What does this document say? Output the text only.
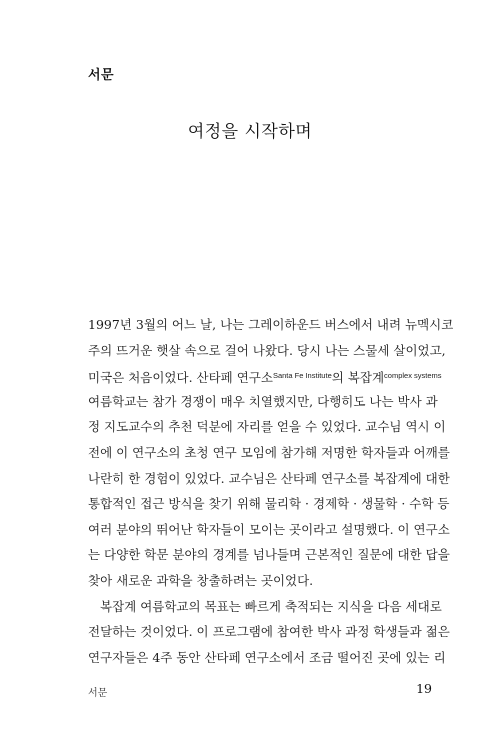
서문
여정을 시작하며
1997년 3월의 어느 날, 나는 그레이하운드 버스에서 내려 뉴멕시코
주의 뜨거운 햇살 속으로 걸어 나왔다. 당시 나는 스물세 살이었고,
미국은 처음이었다. 산타페 연구소$^{Santa Fe Institute}$의 복잡계$^{complex systems}$
여름학교는 참가 경쟁이 매우 치열했지만, 다행히도 나는 박사 과
정 지도교수의 추천 덕분에 자리를 얻을 수 있었다. 교수님 역시 이
전에 이 연구소의 초청 연구 모임에 참가해 저명한 학자들과 어깨를
나란히 한 경험이 있었다. 교수님은 산타페 연구소를 복잡계에 대한
통합적인 접근 방식을 찾기 위해 물리학 · 경제학 · 생물학 · 수학 등
여러 분야의 뛰어난 학자들이 모이는 곳이라고 설명했다. 이 연구소
는 다양한 학문 분야의 경계를 넘나들며 근본적인 질문에 대한 답을
찾아 새로운 과학을 창출하려는 곳이었다.
복잡계 여름학교의 목표는 빠르게 축적되는 지식을 다음 세대로
전달하는 것이었다. 이 프로그램에 참여한 박사 과정 학생들과 젊은
연구자들은 4주 동안 산타페 연구소에서 조금 떨어진 곳에 있는 리
서문	19
